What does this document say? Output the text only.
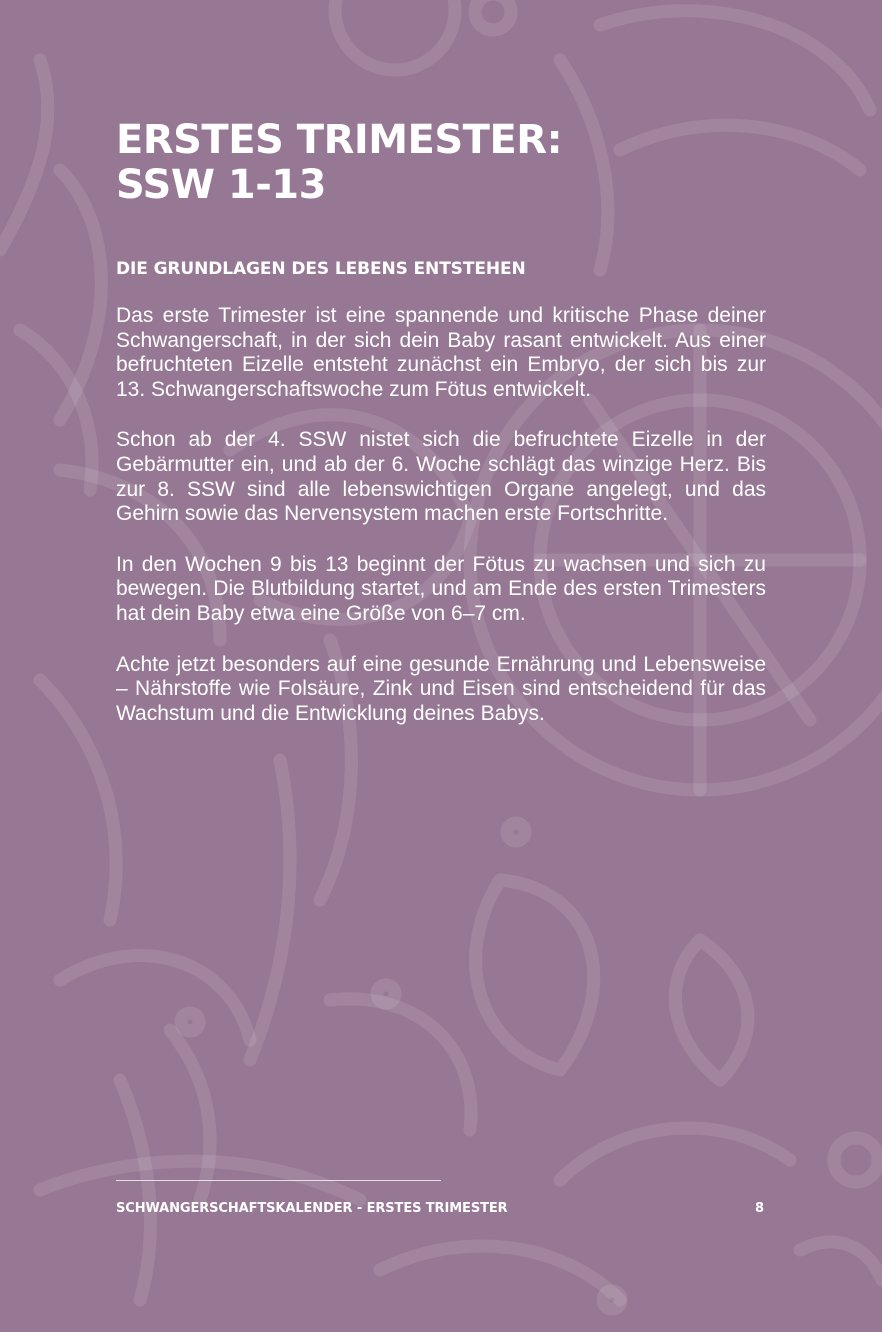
ERSTES TRIMESTER:
SSW 1-13
DIE GRUNDLAGEN DES LEBENS ENTSTEHEN

Das erste Trimester ist eine spannende und kritische Phase deiner Schwangerschaft, in der sich dein Baby rasant entwickelt. Aus einer befruchteten Eizelle entsteht zunächst ein Embryo, der sich bis zur 13. Schwangerschaftswoche zum Fötus entwickelt.

Schon ab der 4. SSW nistet sich die befruchtete Eizelle in der Gebärmutter ein, und ab der 6. Woche schlägt das winzige Herz. Bis zur 8. SSW sind alle lebenswichtigen Organe angelegt, und das Gehirn sowie das Nervensystem machen erste Fortschritte.

In den Wochen 9 bis 13 beginnt der Fötus zu wachsen und sich zu bewegen. Die Blutbildung startet, und am Ende des ersten Trimesters hat dein Baby etwa eine Größe von 6–7 cm.

Achte jetzt besonders auf eine gesunde Ernährung und Lebensweise – Nährstoffe wie Folsäure, Zink und Eisen sind entscheidend für das Wachstum und die Entwicklung deines Babys.

SCHWANGERSCHAFTSKALENDER - ERSTES TRIMESTER	8
